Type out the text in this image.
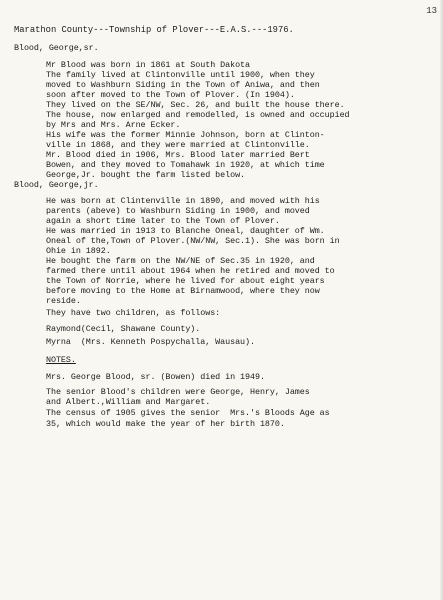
13
Marathon County---Township of Plover---E.A.S.---1976.
Blood, George,sr.
Mr Blood was born in 1861 at South Dakota
The family lived at Clintonville until 1900, when they
moved to Washburn Siding in the Town of Aniwa, and then
soon after moved to the Town of Plover. (In 1904).
They lived on the SE/NW, Sec. 26, and built the house there.
The house, now enlarged and remodelled, is owned and occupied
by Mrs and Mrs. Arne Ecker.
His wife was the former Minnie Johnson, born at Clinton-
ville in 1868, and they were married at Clintonville.
Mr. Blood died in 1906, Mrs. Blood later married Bert
Bowen, and they moved to Tomahawk in 1920, at which time
George,Jr. bought the farm listed below.
Blood, George,jr.
He was born at Clintenville in 1890, and moved with his
parents (abeve) to Washburn Siding in 1900, and moved
again a short time later to the Town of Plover.
He was married in 1913 to Blanche Oneal, daughter of Wm.
Oneal of the,Town of Plover.(NW/NW, Sec.1). She was born in
Ohie in 1892.
He bought the farm on the NW/NE of Sec.35 in 1920, and
farmed there until about 1964 when he retired and moved to
the Town of Norrie, where he lived for about eight years
before moving to the Home at Birnamwood, where they now
reside.
They have two children, as follows:
Raymond(Cecil, Shawane County).
Myrna  (Mrs. Kenneth Pospychalla, Wausau).
NOTES.
Mrs. George Blood, sr. (Bowen) died in 1949.
The senior Blood's children were George, Henry, James
and Albert.,William and Margaret.
The census of 1905 gives the senior  Mrs.'s Bloods Age as
35, which would make the year of her birth 1870.
